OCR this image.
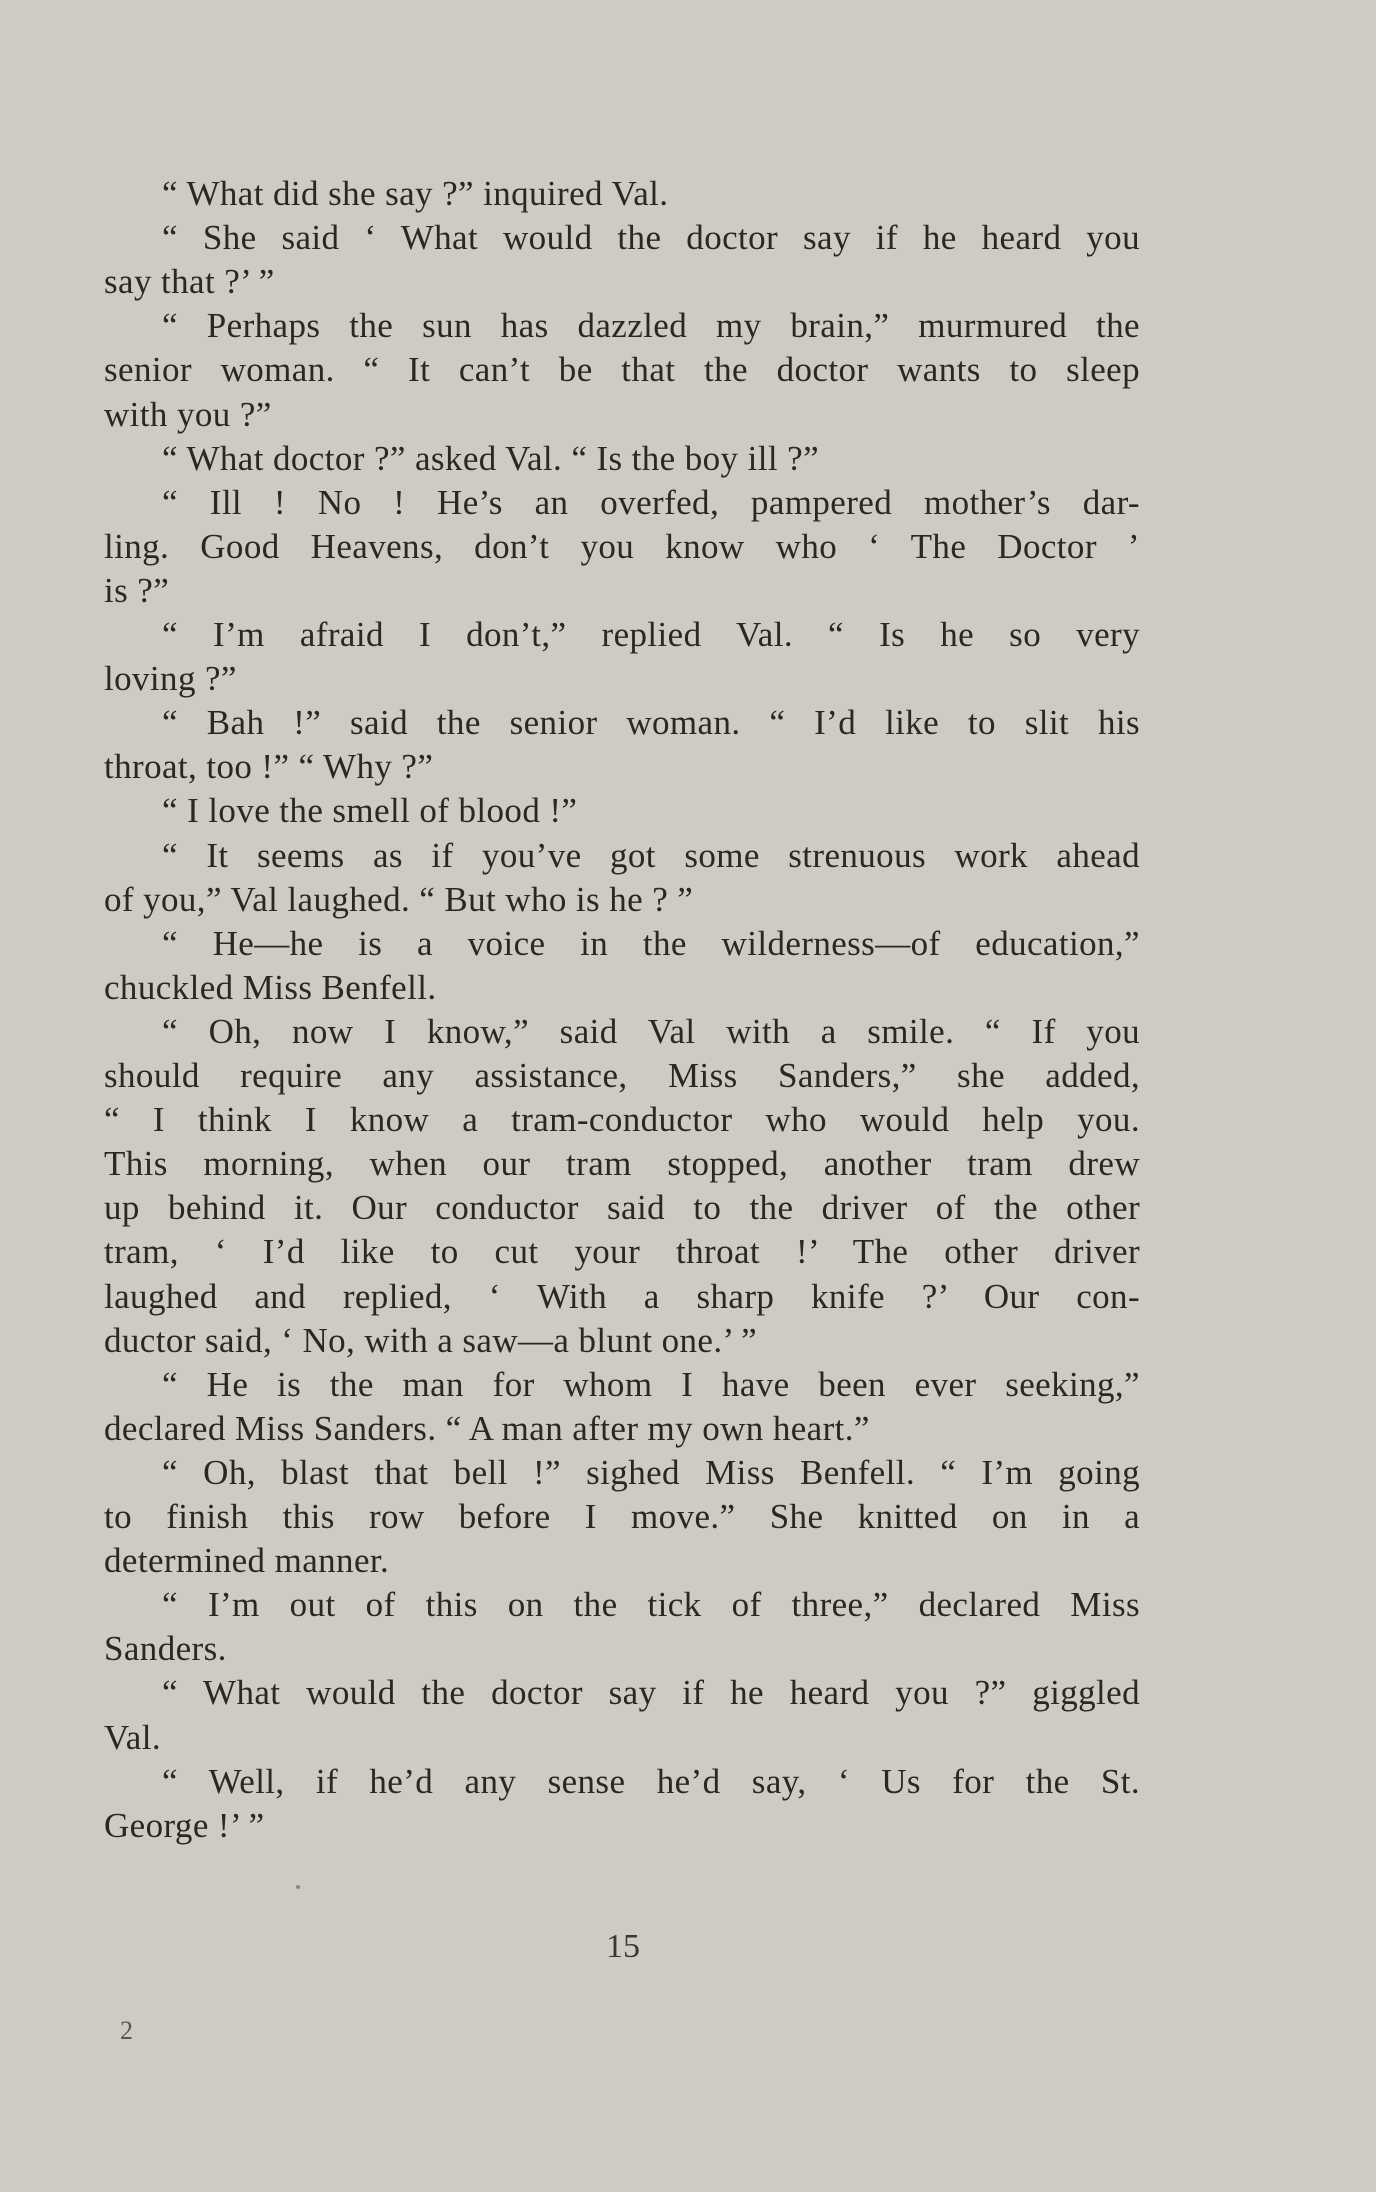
“ What did she say ?” inquired Val.
“ She said ‘ What would the doctor say if he heard you
say that ?’ ”
“ Perhaps the sun has dazzled my brain,” murmured the
senior woman. “ It can’t be that the doctor wants to sleep
with you ?”
“ What doctor ?” asked Val. “ Is the boy ill ?”
“ Ill ! No ! He’s an overfed, pampered mother’s dar-
ling. Good Heavens, don’t you know who ‘ The Doctor ’
is ?”
“ I’m afraid I don’t,” replied Val. “ Is he so very
loving ?”
“ Bah !” said the senior woman. “ I’d like to slit his
throat, too !” “ Why ?”
“ I love the smell of blood !”
“ It seems as if you’ve got some strenuous work ahead
of you,” Val laughed. “ But who is he ? ”
“ He—he is a voice in the wilderness—of education,”
chuckled Miss Benfell.
“ Oh, now I know,” said Val with a smile. “ If you
should require any assistance, Miss Sanders,” she added,
“ I think I know a tram-conductor who would help you.
This morning, when our tram stopped, another tram drew
up behind it. Our conductor said to the driver of the other
tram, ‘ I’d like to cut your throat !’ The other driver
laughed and replied, ‘ With a sharp knife ?’ Our con-
ductor said, ‘ No, with a saw—a blunt one.’ ”
“ He is the man for whom I have been ever seeking,”
declared Miss Sanders. “ A man after my own heart.”
“ Oh, blast that bell !” sighed Miss Benfell. “ I’m going
to finish this row before I move.” She knitted on in a
determined manner.
“ I’m out of this on the tick of three,” declared Miss
Sanders.
“ What would the doctor say if he heard you ?” giggled
Val.
“ Well, if he’d any sense he’d say, ‘ Us for the St.
George !’ ”
15
2
